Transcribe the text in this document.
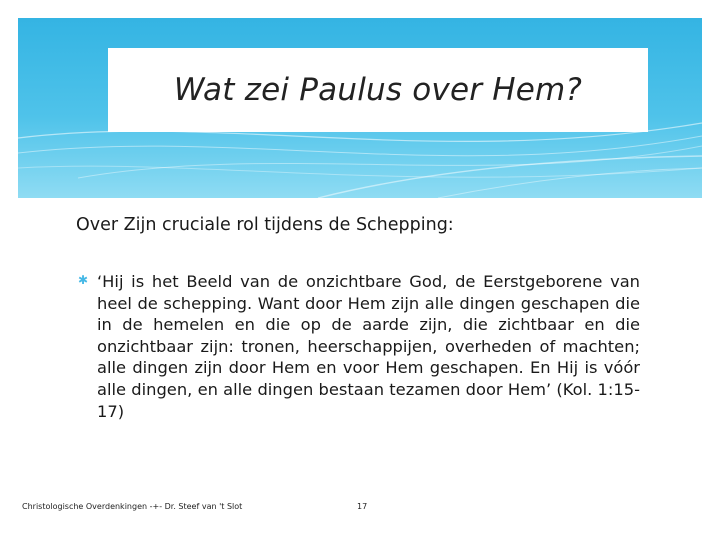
Wat zei Paulus over Hem?
Over Zijn cruciale rol tijdens de Schepping:
✱ ‘Hij is het Beeld van de onzichtbare God, de Eerstgeborene van heel de schepping. Want door Hem zijn alle dingen geschapen die in de hemelen en die op de aarde zijn, die zichtbaar en die onzichtbaar zijn: tronen, heerschappijen, overheden of machten; alle dingen zijn door Hem en voor Hem geschapen. En Hij is vóór alle dingen, en alle dingen bestaan tezamen door Hem’ (Kol. 1:15-17)
Christologische Overdenkingen -+- Dr. Steef van 't Slot	17
